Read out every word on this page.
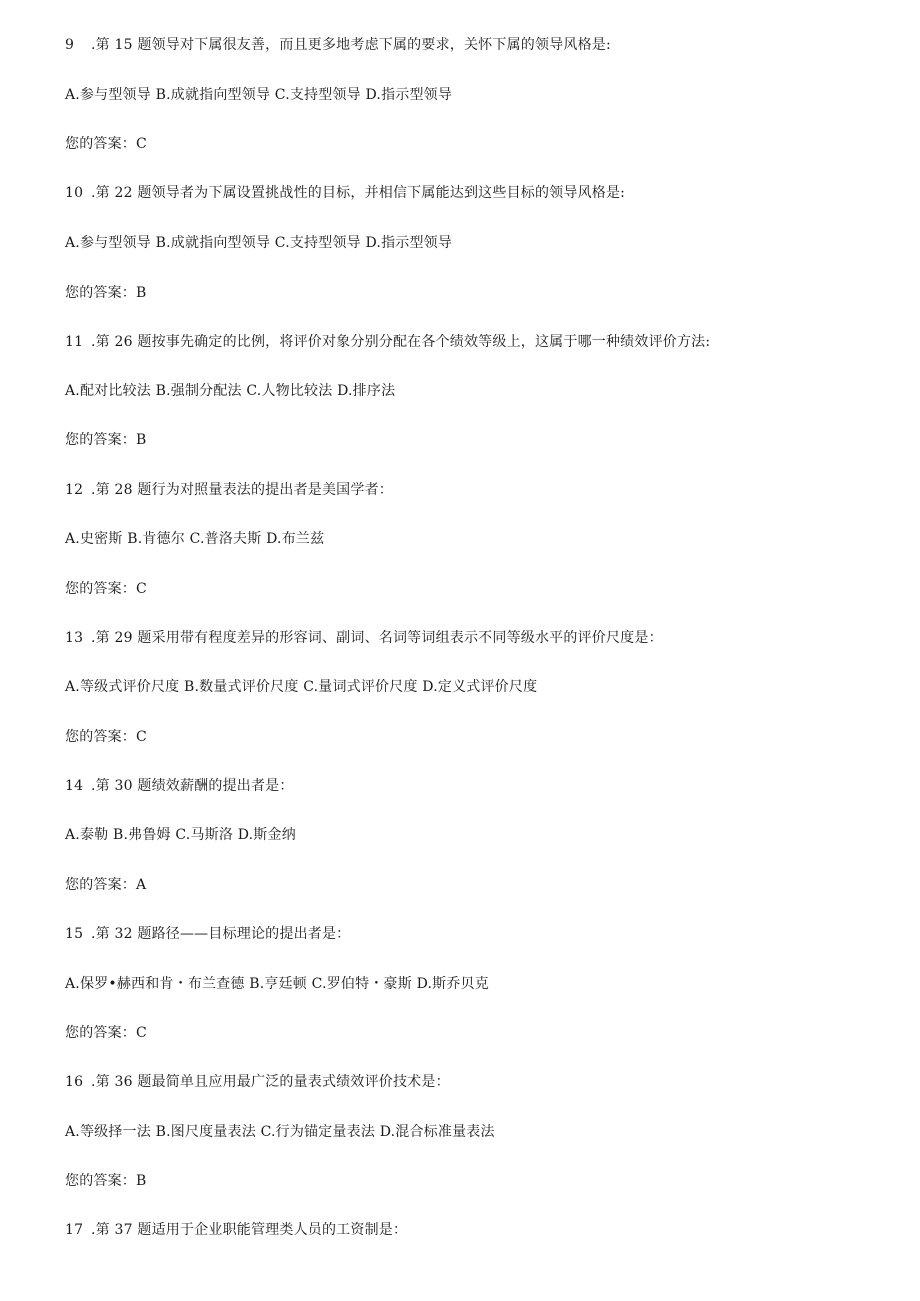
9 .第 15 题领导对下属很友善，而且更多地考虑下属的要求，关怀下属的领导风格是:
A.参与型领导 B.成就指向型领导 C.支持型领导 D.指示型领导
您的答案：C
10 .第 22 题领导者为下属设置挑战性的目标，并相信下属能达到这些目标的领导风格是:
A.参与型领导 B.成就指向型领导 C.支持型领导 D.指示型领导
您的答案：B
11 .第 26 题按事先确定的比例，将评价对象分别分配在各个绩效等级上，这属于哪一种绩效评价方法:
A.配对比较法 B.强制分配法 C.人物比较法 D.排序法
您的答案：B
12 .第 28 题行为对照量表法的提出者是美国学者：
A.史密斯 B.肯德尔 C.普洛夫斯 D.布兰兹
您的答案：C
13 .第 29 题采用带有程度差异的形容词、副词、名词等词组表示不同等级水平的评价尺度是：
A.等级式评价尺度 B.数量式评价尺度 C.量词式评价尺度 D.定义式评价尺度
您的答案：C
14 .第 30 题绩效薪酬的提出者是：
A.泰勒 B.弗鲁姆 C.马斯洛 D.斯金纳
您的答案：A
15 .第 32 题路径——目标理论的提出者是：
A.保罗•赫西和肯・布兰查德 B.亨廷顿 C.罗伯特・豪斯 D.斯乔贝克
您的答案：C
16 .第 36 题最简单且应用最广泛的量表式绩效评价技术是：
A.等级择一法 B.图尺度量表法 C.行为锚定量表法 D.混合标准量表法
您的答案：B
17 .第 37 题适用于企业职能管理类人员的工资制是：
